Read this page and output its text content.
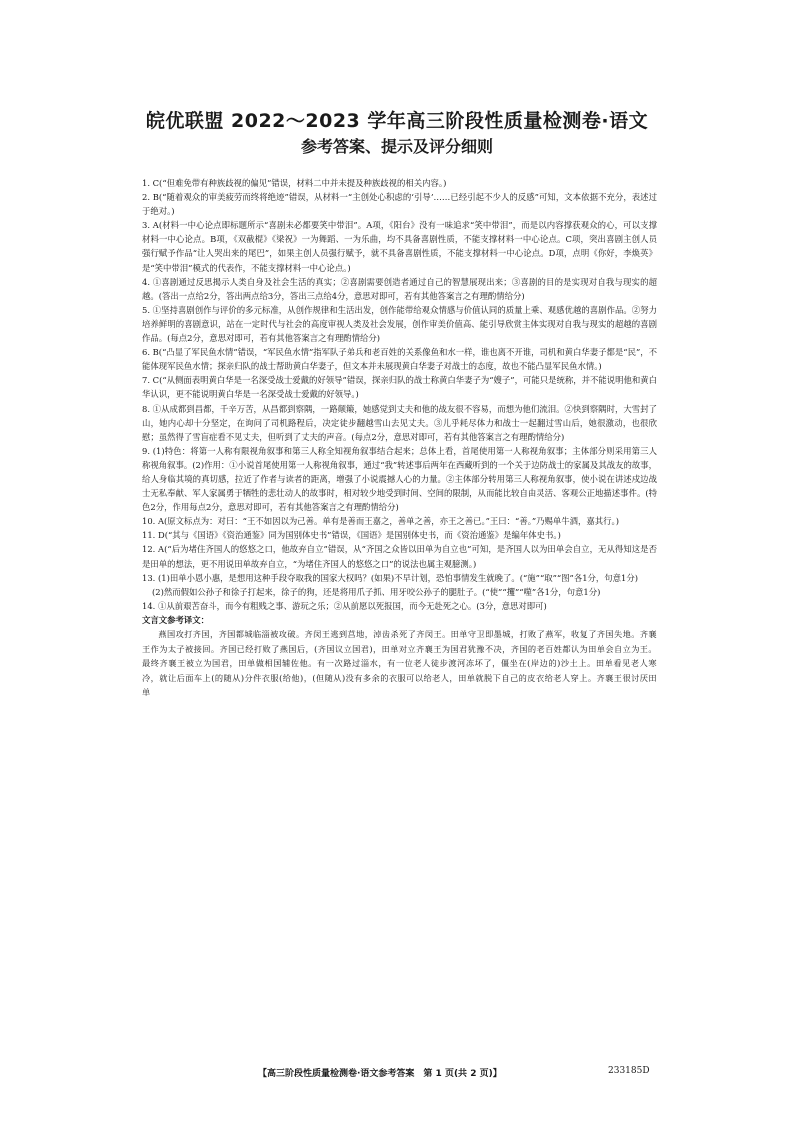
皖优联盟 2022～2023 学年高三阶段性质量检测卷·语文
参考答案、提示及评分细则

1. C(“但难免带有种族歧视的偏见”错误，材料二中并未提及种族歧视的相关内容。)

2. B(“随着观众的审美疲劳而终将绝迹”错误，从材料一“主创处心积虑的‘引导’……已经引起不少人的反感”可知，文本依据不充分，表述过于绝对。)

3. A(材料一中心论点即标题所示“喜剧未必都要笑中带泪”。A项，《阳台》没有一味追求“笑中带泪”，而是以内容撑获观众的心，可以支撑材料一中心论点。B项，《双截棍》《梁祝》一为舞蹈、一为乐曲，均不具备喜剧性质，不能支撑材料一中心论点。C项，突出喜剧主创人员强行赋予作品“让人哭出来的尾巴”，如果主创人员强行赋予，就不具备喜剧性质，不能支撑材料一中心论点。D项，点明《你好，李焕英》是“笑中带泪”模式的代表作，不能支撑材料一中心论点。)

4. ①喜剧通过反思揭示人类自身及社会生活的真实；②喜剧需要创造者通过自己的智慧展现出来；③喜剧的目的是实现对自我与现实的超越。(答出一点给2分，答出两点给3分，答出三点给4分，意思对即可，若有其他答案言之有理酌情给分)

5. ①坚持喜剧创作与评价的多元标准，从创作规律和生活出发，创作能带给观众情感与价值认同的质量上乘、观感优越的喜剧作品。②努力培养鲜明的喜剧意识，站在一定时代与社会的高度审视人类及社会发展，创作审美价值高、能引导欣赏主体实现对自我与现实的超越的喜剧作品。(每点2分，意思对即可，若有其他答案言之有理酌情给分)

6. B(“凸显了军民鱼水情”错误，“军民鱼水情”指军队子弟兵和老百姓的关系像鱼和水一样，谁也离不开谁，司机和黄白华妻子都是“民”，不能体现军民鱼水情；探亲归队的战士帮助黄白华妻子，但文本并未展现黄白华妻子对战士的态度，故也不能凸显军民鱼水情。)

7. C(“从侧面表明黄白华是一名深受战士爱戴的好领导”错误，探亲归队的战士称黄白华妻子为“嫂子”，可能只是统称，并不能说明他和黄白华认识，更不能说明黄白华是一名深受战士爱戴的好领导。)

8. ①从成都到昌都，千辛万苦，从昌都到察隅，一路颠簸，她感觉到丈夫和他的战友很不容易，而想为他们流泪。②快到察隅时，大雪封了山，她内心却十分坚定，在询问了司机路程后，决定徒步翻越雪山去见丈夫。③儿乎耗尽体力和战士一起翻过雪山后，她很激动，也很欣慰；虽然得了雪盲症看不见丈夫，但听到了丈夫的声音。(每点2分，意思对即可，若有其他答案言之有理酌情给分)

9. (1)特色：将第一人称有限视角叙事和第三人称全知视角叙事结合起来；总体上看，首尾使用第一人称视角叙事；主体部分则采用第三人称视角叙事。(2)作用：①小说首尾使用第一人称视角叙事，通过“我”转述事后两年在西藏听到的一个关于边防战士的家属及其战友的故事，给人身临其境的真切感，拉近了作者与读者的距离，增强了小说震撼人心的力量。②主体部分转用第三人称视角叙事，使小说在讲述戍边战士无私奉献、军人家属勇于牺牲的悲壮动人的故事时，相对较少地受到时间、空间的限制，从而能比较自由灵活、客观公正地描述事件。(特色2分，作用每点2分，意思对即可，若有其他答案言之有理酌情给分)

10. A(原文标点为：对曰：“王不如因以为己善。单有是善而王嘉之，善单之善，亦王之善已。”王曰：“善。”乃赐单牛酒，嘉其行。)

11. D(“其与《国语》《资治通鉴》同为国别体史书”错误，《国语》是国别体史书，而《资治通鉴》是编年体史书。)

12. A(“后为堵住齐国人的悠悠之口，他故弃自立”错误，从“齐国之众皆以田单为自立也”可知，是齐国人以为田单会自立，无从得知这是否是田单的想法，更不用说田单故弃自立，“为堵住齐国人的悠悠之口”的说法也属主观臆测。)

13. (1)田单小恩小惠，是想用这种手段夺取我的国家大权吗？(如果)不早计划，恐怕事情发生就晚了。(“施”“取”“图”各1分，句意1分)

(2)然而假如公孙子和徐子打起来，徐子的狗，还是将用爪子抓、用牙咬公孙子的腿肚子。(“使”“攫”“噬”各1分，句意1分)

14. ①从前艰苦奋斗，而今有粗贱之事、游玩之乐；②从前愿以死报国，而今无赴死之心。(3分，意思对即可)

文言文参考译文：

燕国攻打齐国，齐国都城临淄被攻破。齐闵王逃到莒地，淖齿杀死了齐闵王。田单守卫即墨城，打败了燕军，收复了齐国失地。齐襄王作为太子被接回。齐国已经打败了燕国后，(齐国议立国君)，田单对立齐襄王为国君犹豫不决，齐国的老百姓都认为田单会自立为王。最终齐襄王被立为国君，田单做相国辅佐他。有一次路过淄水，有一位老人徒步渡河冻坏了，僵坐在(岸边的)沙土上。田单看见老人寒冷，就让后面车上(的随从)分件衣服(给他)，(但随从)没有多余的衣服可以给老人，田单就脱下自己的皮衣给老人穿上。齐襄王很讨厌田单

【高三阶段性质量检测卷·语文参考答案　第 1 页(共 2 页)】	233185D
